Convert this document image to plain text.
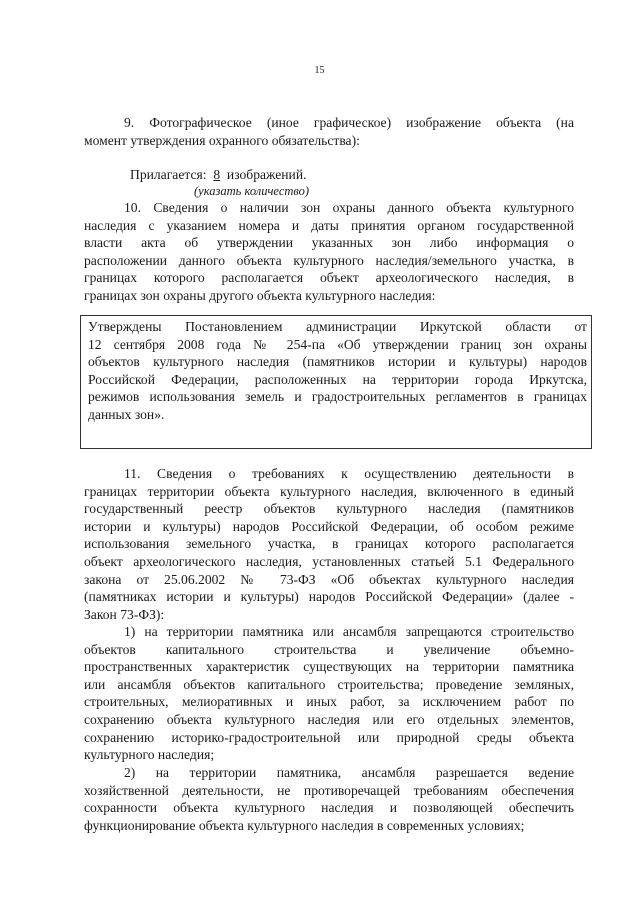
15

9. Фотографическое (иное графическое) изображение объекта (на

момент утверждения охранного обязательства):

Прилагается: 8 изображений.

(указать количество)

10. Сведения о наличии зон охраны данного объекта культурного

наследия с указанием номера и даты принятия органом государственной

власти акта об утверждении указанных зон либо информация о

расположении данного объекта культурного наследия/земельного участка, в

границах которого располагается объект археологического наследия, в

границах зон охраны другого объекта культурного наследия:

Утверждены Постановлением администрации Иркутской области от

12 сентября 2008 года № 254-па «Об утверждении границ зон охраны

объектов культурного наследия (памятников истории и культуры) народов

Российской Федерации, расположенных на территории города Иркутска,

режимов использования земель и градостроительных регламентов в границах

данных зон».

11. Сведения о требованиях к осуществлению деятельности в

границах территории объекта культурного наследия, включенного в единый

государственный реестр объектов культурного наследия (памятников

истории и культуры) народов Российской Федерации, об особом режиме

использования земельного участка, в границах которого располагается

объект археологического наследия, установленных статьей 5.1 Федерального

закона от 25.06.2002 № 73-ФЗ «Об объектах культурного наследия

(памятниках истории и культуры) народов Российской Федерации» (далее -

Закон 73-ФЗ):

1) на территории памятника или ансамбля запрещаются строительство

объектов капитального строительства и увеличение объемно-

пространственных характеристик существующих на территории памятника

или ансамбля объектов капитального строительства; проведение земляных,

строительных, мелиоративных и иных работ, за исключением работ по

сохранению объекта культурного наследия или его отдельных элементов,

сохранению историко-градостроительной или природной среды объекта

культурного наследия;

2) на территории памятника, ансамбля разрешается ведение

хозяйственной деятельности, не противоречащей требованиям обеспечения

сохранности объекта культурного наследия и позволяющей обеспечить

функционирование объекта культурного наследия в современных условиях;
